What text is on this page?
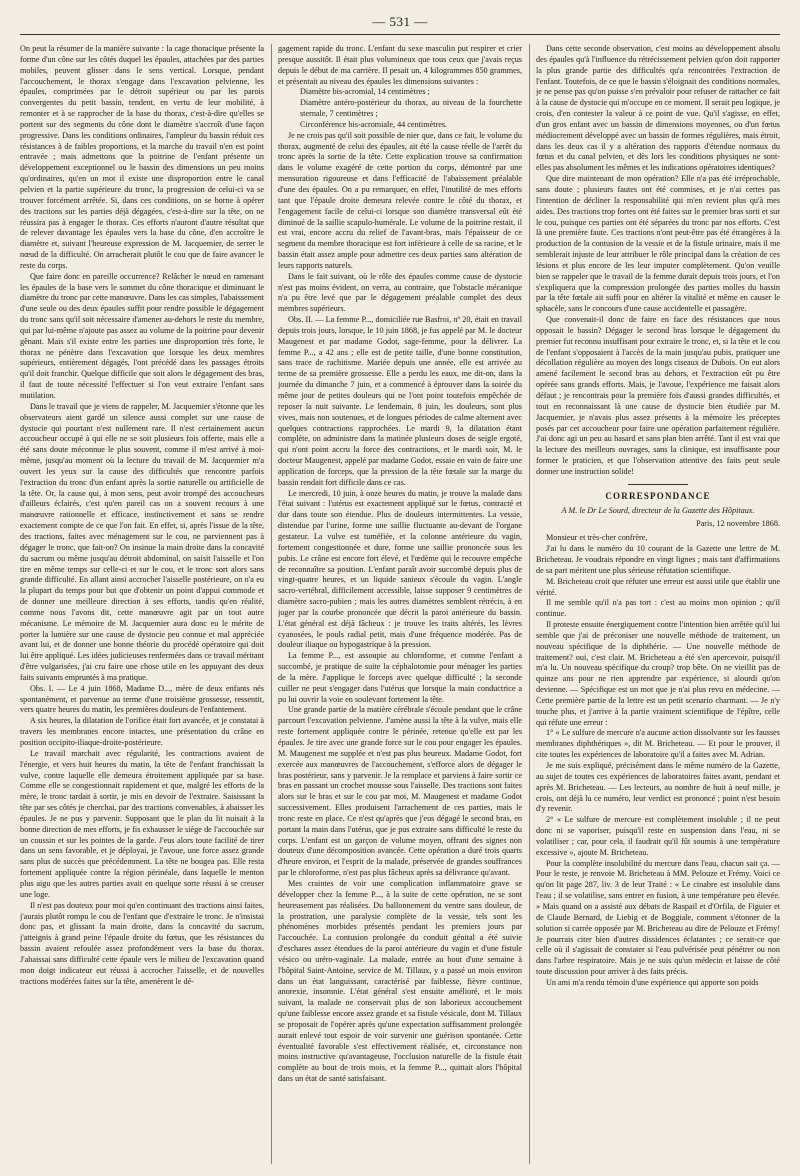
— 531 —

On peut la résumer de la manière suivante : la cage thoracique présente la forme d'un cône sur les côtés duquel les épaules, attachées par des parties mobiles, peuvent glisser dans le sens vertical. Lorsque, pendant l'accouchement, le thorax s'engage dans l'excavation pelvienne, les épaules, comprimées par le détroit supérieur ou par les parois convergentes du petit bassin, tendent, en vertu de leur mobilité, à remonter et à se rapprocher de la base du thorax, c'est-à-dire qu'elles se portent sur des segments du cône dont le diamètre s'accroît d'une façon progressive. Dans les conditions ordinaires, l'ampleur du bassin réduit ces résistances à de faibles proportions, et la marche du travail n'en est point entravée ; mais admettons que la poitrine de l'enfant présente un développement exceptionnel ou le bassin des dimensions un peu moins qu'ordinaires, qu'en un mot il existe une disproportion entre le canal pelvien et la partie supérieure du tronc, la progression de celui-ci va se trouver forcément arrêtée. Si, dans ces conditions, on se borne à opérer des tractions sur les parties déjà dégagées, c'est-à-dire sur la tête, on ne réussira pas à engager le thorax. Ces efforts n'auront d'autre résultat que de relever davantage les épaules vers la base du cône, d'en accroître le diamètre et, suivant l'heureuse expression de M. Jacquemier, de serrer le nœud de la difficulté. On arracherait plutôt le cou que de faire avancer le reste du corps.

Que faire donc en pareille occurrence? Relâcher le nœud en ramenant les épaules de la base vers le sommet du cône thoracique et diminuant le diamètre du tronc par cette manœuvre. Dans les cas simples, l'abaissement d'une seule ou des deux épaules suffit pour rendre possible le dégagement du tronc sans qu'il soit nécessaire d'amener au-dehors le reste du membre, qui par lui-même n'ajoute pas assez au volume de la poitrine pour devenir gênant. Mais s'il existe entre les parties une disproportion très forte, le thorax ne pénètre dans l'excavation que lorsque les deux membres supérieurs, entièrement dégagés, l'ont précédé dans les passages étroits qu'il doit franchir. Quelque difficile que soit alors le dégagement des bras, il faut de toute nécessité l'effectuer si l'on veut extraire l'enfant sans mutilation.

Dans le travail que je viens de rappeler, M. Jacquemier s'étonne que les observateurs aient gardé un silence aussi complet sur une cause de dystocie qui pourtant n'est nullement rare. Il n'est certainement aucun accoucheur occupé à qui elle ne se soit plusieurs fois offerte, mais elle a été sans doute méconnue le plus souvent, comme il m'est arrivé à moi-même, jusqu'au moment où la lecture du travail de M. Jacquemier m'a ouvert les yeux sur la cause des difficultés que rencontre parfois l'extraction du tronc d'un enfant après la sortie naturelle ou artificielle de la tête. Or, la cause qui, à mon sens, peut avoir trompé des accoucheurs d'ailleurs éclairés, c'est qu'en pareil cas on a souvent recours à une manœuvre rationnelle et efficace, instinctivement et sans se rendre exactement compte de ce que l'on fait. En effet, si, après l'issue de la tête, des tractions, faites avec ménagement sur le cou, ne parviennent pas à dégager le tronc, que fait-on? On insinue la main droite dans la concavité du sacrum ou même jusqu'au détroit abdominal, on saisit l'aisselle et l'on tire en même temps sur celle-ci et sur le cou, et le tronc sort alors sans grande difficulté. En allant ainsi accrocher l'aisselle postérieure, on n'a eu la plupart du temps pour but que d'obtenir un point d'appui commode et de donner une meilleure direction à ses efforts, tandis qu'en réalité, comme nous l'avons dit, cette manœuvre agit par un tout autre mécanisme. Le mémoire de M. Jacquemier aura donc eu le mérite de porter la lumière sur une cause de dystocie peu connue et mal appréciée avant lui, et de donner une bonne théorie du procédé opératoire qui doit lui être appliqué. Les idées judicieuses renfermées dans ce travail méritant d'être vulgarisées, j'ai cru faire une chose utile en les appuyant des deux faits suivants empruntés à ma pratique.

Obs. I. — Le 4 juin 1868, Madame D..., mère de deux enfants nés spontanément, et parvenue au terme d'une troisième grossesse, ressentit, vers quatre heures du matin, les premières douleurs de l'enfantement.

A six heures, la dilatation de l'orifice était fort avancée, et je constatai à travers les membranes encore intactes, une présentation du crâne en position occipito-iliaque-droite-postérieure.

Le travail marchait avec régularité, les contractions avaient de l'énergie, et vers huit heures du matin, la tête de l'enfant franchissait la vulve, contre laquelle elle demeura étroitement appliquée par sa base. Comme elle se congestionnait rapidement et que, malgré les efforts de la mère, le tronc tardait à sortir, je mis en devoir de l'extraire. Saisissant la tête par ses côtés je cherchai, par des tractions convenables, à abaisser les épaules. Je ne pus y parvenir. Supposant que le plan du lit nuisait à la bonne direction de mes efforts, je fis exhausser le siège de l'accouchée sur un coussin et sur les pointes de la garde. J'eus alors toute facilité de tirer dans un sens favorable, et je déployai, je l'avoue, une force assez grande sans plus de succès que précédemment. La tête ne bougea pas. Elle resta fortement appliquée contre la région périnéale, dans laquelle le menton plus aigu que les autres parties avait en quelque sorte réussi à se creuser une loge.

Il n'est pas douteux pour moi qu'en continuant des tractions ainsi faites, j'aurais plutôt rompu le cou de l'enfant que d'extraire le tronc. Je n'insistai donc pas, et glissant la main droite, dans la concavité du sacrum, j'atteignis à grand peine l'épaule droite du fœtus, que les résistances du bassin avaient refoulée assez profondément vers la base du thorax. J'abaissai sans difficulté cette épaule vers le milieu de l'excavation quand mon doigt indicateur eut réussi à accrocher l'aisselle, et de nouvelles tractions modérées faites sur la tête, amenèrent le dé-

gagement rapide du tronc. L'enfant du sexe masculin put respirer et crier presque aussitôt. Il était plus volumineux que tous ceux que j'avais reçus depuis le début de ma carrière. Il pesait un, 4 kilogrammes 850 grammes, et présentait au niveau des épaules les dimensions suivantes :

Diamètre bis-acromial, 14 centimètres ;

Diamètre antéro-postérieur du thorax, au niveau de la fourchette sternale, 7 centimètres ;

Circonférence bis-acromiale, 44 centimètres.

Je ne crois pas qu'il soit possible de nier que, dans ce fait, le volume du thorax, augmenté de celui des épaules, ait été la cause réelle de l'arrêt du tronc après la sortie de la tête. Cette explication trouve sa confirmation dans le volume exagéré de cette portion du corps, démontré par une mensuration rigoureuse et dans l'efficacité de l'abaissement préalable d'une des épaules. On a pu remarquer, en effet, l'inutilité de mes efforts tant que l'épaule droite demeura relevée contre le côté du thorax, et l'engagement facile de celui-ci lorsque son diamètre transversal eût été diminué de la saillie scapulo-humérale. Le volume de la poitrine restait, il est vrai, encore accru du relief de l'avant-bras, mais l'épaisseur de ce segment du membre thoracique est fort inférieure à celle de sa racine, et le bassin était assez ample pour admettre ces deux parties sans altération de leurs rapports naturels.

Dans le fait suivant, où le rôle des épaules comme cause de dystocie n'est pas moins évident, on verra, au contraire, que l'obstacle mécanique n'a pu être levé que par le dégagement préalable complet des deux membres supérieurs.

Obs. II. — La femme P..., domiciliée rue Basfroi, nº 20, était en travail depuis trois jours, lorsque, le 10 juin 1868, je fus appelé par M. le docteur Maugenest et par madame Godot, sage-femme, pour la délivrer. La femme P..., a 42 ans ; elle est de petite taille, d'une bonne constitution, sans trace de rachitisme. Mariée depuis une année, elle est arrivée au terme de sa première grossesse. Elle a perdu les eaux, me dit-on, dans la journée du dimanche 7 juin, et a commencé à éprouver dans la soirée du même jour de petites douleurs qui ne l'ont point toutefois empêchée de reposer la nuit suivante. Le lendemain, 8 juin, les douleurs, sont plus vives, mais non soutenues, et de longues périodes de calme alternent avec quelques contractions rapprochées. Le mardi 9, la dilatation étant complète, on administre dans la matinée plusieurs doses de seigle ergoté, qui n'ont point accru la force des contractions, et le mardi soir, M. le docteur Maugenest, appelé par madame Godot, essaie en vain de faire une application de forceps, que la pression de la tête fœtale sur la marge du bassin rendait fort difficile dans ce cas.

Le mercredi, 10 juin, à onze heures du matin, je trouve la malade dans l'état suivant : l'utérus est exactement appliqué sur le fœtus, contracté et dur dans toute son étendue. Plus de douleurs intermittentes. La vessie, distendue par l'urine, forme une saillie fluctuante au-devant de l'organe gestateur. La vulve est tuméfiée, et la colonne antérieure du vagin, fortement congestionnée et dure, forme une saillie prononcée sous les pubis. Le crâne est encore fort élevé, et l'œdème qui le recouvre empêche de reconnaître sa position. L'enfant paraît avoir succombé depuis plus de vingt-quatre heures, et un liquide sanieux s'écoule du vagin. L'angle sacro-vertébral, difficilement accessible, laisse supposer 9 centimètres de diamètre sacro-pubien ; mais les autres diamètres semblent rétrécis, à en juger par la courbe prononcée que décrit la paroi antérieure du bassin. L'état général est déjà fâcheux : je trouve les traits altérés, les lèvres cyanosées, le pouls radial petit, mais d'une fréquence modérée. Pas de douleur iliaque ou hypogastrique à la pression.

La femme P..., est assoupie au chloroforme, et comme l'enfant a succombé, je pratique de suite la céphalotomie pour ménager les parties de la mère. J'applique le forceps avec quelque difficulté ; la seconde cuiller ne peut s'engager dans l'utérus que lorsque la main conductrice a pu lui ouvrir la voie en soulevant fortement la tête.

Une grande partie de la matière cérébrale s'écoule pendant que le crâne parcourt l'excavation pelvienne. J'amène aussi la tête à la vulve, mais elle reste fortement appliquée contre le périnée, retenue qu'elle est par les épaules. Je tire avec une grande force sur le cou pour engager les épaules. M. Maugenest me supplée et n'est pas plus heureux. Madame Godot, fort exercée aux manœuvres de l'accouchement, s'efforce alors de dégager le bras postérieur, sans y parvenir. Je la remplace et parviens à faire sortir ce bras en passant un crochet mousse sous l'aisselle. Des tractions sont faites alors sur le bras et sur le cou par moi, M. Maugenest et madame Godot successivement. Elles produisent l'arrachement de ces parties, mais le tronc reste en place. Ce n'est qu'après que j'eus dégagé le second bras, en portant la main dans l'utérus, que je pus extraire sans difficulté le reste du corps. L'enfant est un garçon de volume moyen, offrant des signes non douteux d'une décomposition avancée. Cette opération a duré trois quarts d'heure environ, et l'esprit de la malade, préservée de grandes souffrances par le chloroforme, n'est pas plus fâcheux après sa délivrance qu'avant.

Mes craintes de voir une complication inflammatoire grave se développer chez la femme P..., à la suite de cette opération, ne se sont heureusement pas réalisées. Du ballonnement du ventre sans douleur, de la prostration, une paralysie complète de la vessie, tels sont les phénomènes morbides présentés pendant les premiers jours par l'accouchée. La contusion prolongée du conduit génital a été suivie d'eschares assez étendues de la paroi antérieure du vagin et d'une fistule vésico ou uréro-vaginale. La malade, entrée au bout d'une semaine à l'hôpital Saint-Antoine, service de M. Tillaux, y a passé un mois environ dans un état languissant, caractérisé par faiblesse, fièvre continue, anorexie, insomnie. L'état général s'est ensuite amélioré, et le mois suivant, la malade ne conservait plus de son laborieux accouchement qu'une faiblesse encore assez grande et sa fistule vésicale, dont M. Tillaux se proposait de l'opérer après qu'une expectation suffisamment prolongée aurait enlevé tout espoir de voir survenir une guérison spontanée. Cette éventualité favorable s'est effectivement réalisée, et, circonstance non moins instructive qu'avantageuse, l'occlusion naturelle de la fistule était complète au bout de trois mois, et la femme P..., quittait alors l'hôpital dans un état de santé satisfaisant.

Dans cette seconde observation, c'est moins au développement absolu des épaules qu'à l'influence du rétrécissement pelvien qu'on doit rapporter la plus grande partie des difficultés qu'a rencontrées l'extraction de l'enfant. Toutefois, de ce que le bassin s'éloignait des conditions normales, je ne pense pas qu'on puisse s'en prévaloir pour refuser de rattacher ce fait à la cause de dystocie qui m'occupe en ce moment. Il serait peu logique, je crois, d'en contester la valeur à ce point de vue. Qu'il s'agisse, en effet, d'un gros enfant avec un bassin de dimensions moyennes, ou d'un fœtus médiocrement développé avec un bassin de formes régulières, mais étroit, dans les deux cas il y a altération des rapports d'étendue normaux du fœtus et du canal pelvien, et dès lors les conditions physiques ne sont-elles pas absolument les mêmes et les indications opératoires identiques?

Que dire maintenant de mon opération? Elle n'a pas été irréprochable, sans doute ; plusieurs fautes ont été commises, et je n'ai certes pas l'intention de décliner la responsabilité qui m'en revient plus qu'à mes aides. Des tractions trop fortes ont été faites sur le premier bras sorti et sur le cou, puisque ces parties ont été séparées du tronc par nos efforts. C'est là une première faute. Ces tractions n'ont peut-être pas été étrangères à la production de la contusion de la vessie et de la fistule urinaire, mais il me semblerait injuste de leur attribuer le rôle principal dans la création de ces lésions et plus encore de les leur imputer complètement. Qu'on veuille bien se rappeler que le travail de la femme durait depuis trois jours, et l'on s'expliquera que la compression prolongée des parties molles du bassin par la tête fœtale ait suffi pour en altérer la vitalité et même en causer le sphacèle, sans le concours d'une cause accidentelle et passagère.

Que convenait-il donc de faire en face des résistances que nous opposait le bassin? Dégager le second bras lorsque le dégagement du premier fut reconnu insuffisant pour extraire le tronc, et, si la tête et le cou de l'enfant s'opposaient à l'accès de la main jusqu'au pubis, pratiquer une décollation régulière au moyen des longs ciseaux de Dubois. On eut alors amené facilement le second bras au dehors, et l'extraction eût pu être opérée sans grands efforts. Mais, je l'avoue, l'expérience me faisait alors défaut ; je rencontrais pour la première fois d'aussi grandes difficultés, et tout en reconnaissant là une cause de dystocie bien étudiée par M. Jacquemier, je n'avais plus assez présents à la mémoire les préceptes posés par cet accoucheur pour faire une opération parfaitement régulière. J'ai donc agi un peu au hasard et sans plan bien arrêté. Tant il est vrai que la lecture des meilleurs ouvrages, sans la clinique, est insuffisante pour former le praticien, et que l'observation attentive des faits peut seule donner une instruction solide!

CORRESPONDANCE

A M. le Dr Le Sourd, directeur de la Gazette des Hôpitaux.

Paris, 12 novembre 1868.

Monsieur et très-cher confrère,

J'ai lu dans le numéro du 10 courant de la Gazette une lettre de M. Bricheteau. Je voudrais répondre en vingt lignes ; mais tant d'affirmations de sa part méritent une plus sérieuse réfutation scientifique.

M. Bricheteau croit que réfuter une erreur est aussi utile que établir une vérité.

Il me semble qu'il n'a pas tort : c'est au moins mon opinion ; qu'il continue.

Il proteste ensuite énergiquement contre l'intention bien arrêtée qu'il lui semble que j'ai de préconiser une nouvelle méthode de traitement, un nouveau spécifique de la diphthérie. — Une nouvelle méthode de traitement? oui, c'est clair. M. Bricheteau a été s'en apercevoir, puisqu'il m'a lu. Un nouveau spécifique du croup? trop bête. On ne vieillit pas de quinze ans pour ne rien apprendre par expérience, si alourdi qu'on devienne. — Spécifique est un mot que je n'ai plus revu en médecine. — Cette première partie de la lettre est un petit scenario charmant. — Je n'y touche plus, et j'arrive à la partie vraiment scientifique de l'épître, celle qui réfute une erreur :

1° « Le sulfure de mercure n'a aucune action dissolvante sur les fausses membranes diphthériques », dit M. Bricheteau. — Et pour le prouver, il cite toutes les expériences de laboratoire qu'il a faites avec M. Adrian.

Je me suis expliqué, précisément dans le même numéro de la Gazette, au sujet de toutes ces expériences de laboratoires faites avant, pendant et après M. Bricheteau. — Les lecteurs, au nombre de huit à neuf mille, je crois, ont déjà lu ce numéro, leur verdict est prononcé ; point n'est besoin d'y revenir.

2° « Le sulfure de mercure est complètement insoluble ; il ne peut donc ni se vaporiser, puisqu'il reste en suspension dans l'eau, ni se volatiliser ; car, pour cela, il faudrait qu'il fût soumis à une température excessive », ajoute M. Bricheteau.

Pour la complète insolubilité du mercure dans l'eau, chacun sait ça. — Pour le reste, je renvoie M. Bricheteau à MM. Pelouze et Frémy. Voici ce qu'on lit page 287, liv. 3 de leur Traité : « Le cinabre est insoluble dans l'eau ; il se volatilise, sans entrer en fusion, à une température peu élevée. » Mais quand on a assisté aux débats de Raspail et d'Orfila, de Figuier et de Claude Bernard, de Liebig et de Boggiale, comment s'étonner de la solution si carrée opposée par M. Bricheteau au dire de Pelouze et Frémy! Je pourrais citer bien d'autres dissidences éclatantes ; ce serait-ce que celle où il s'agissait de constater si l'eau pulvérisée peut pénétrer ou non dans l'arbre respiratoire. Mais je ne suis qu'un médecin et laisse de côté toute discussion pour arriver à des faits précis.

Un ami m'a rendu témoin d'une expérience qui apporte son poids
